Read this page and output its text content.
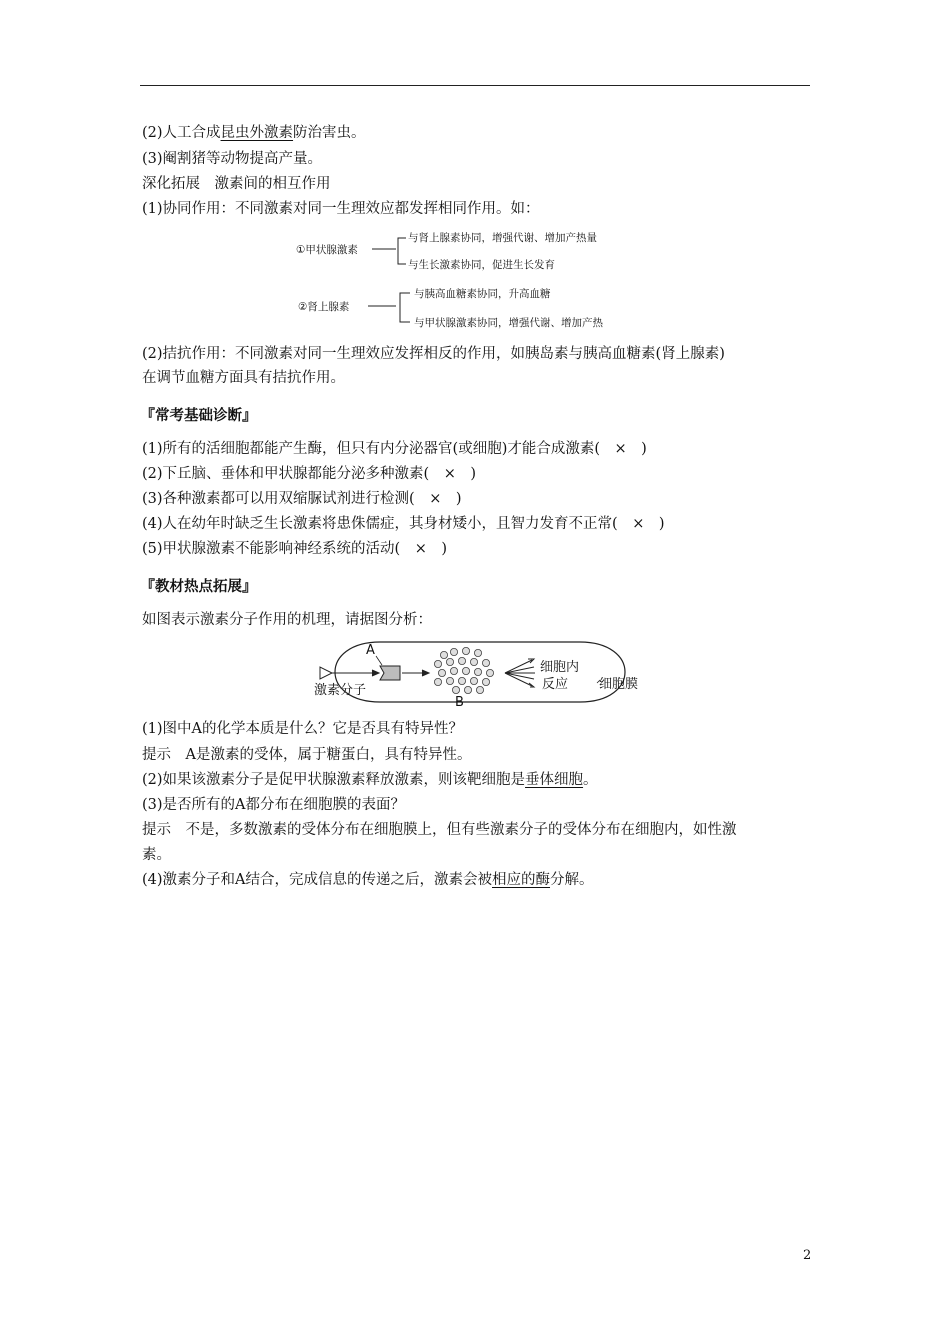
(2)人工合成昆虫外激素防治害虫。
(3)阉割猪等动物提高产量。
深化拓展　激素间的相互作用
(1)协同作用：不同激素对同一生理效应都发挥相同作用。如：
①甲状腺激素
与肾上腺素协同，增强代谢、增加产热量
与生长激素协同，促进生长发育
②肾上腺素
与胰高血糖素协同，升高血糖
与甲状腺激素协同，增强代谢、增加产热
(2)拮抗作用：不同激素对同一生理效应发挥相反的作用，如胰岛素与胰高血糖素(肾上腺素)
在调节血糖方面具有拮抗作用。
『常考基础诊断』
(1)所有的活细胞都能产生酶，但只有内分泌器官(或细胞)才能合成激素(　×　)
(2)下丘脑、垂体和甲状腺都能分泌多种激素(　×　)
(3)各种激素都可以用双缩脲试剂进行检测(　×　)
(4)人在幼年时缺乏生长激素将患侏儒症，其身材矮小，且智力发育不正常(　×　)
(5)甲状腺激素不能影响神经系统的活动(　×　)
『教材热点拓展』
如图表示激素分子作用的机理，请据图分析：
A
B
细胞内
反应 细胞膜
激素分子
(1)图中A的化学本质是什么？它是否具有特异性？
提示　A是激素的受体，属于糖蛋白，具有特异性。
(2)如果该激素分子是促甲状腺激素释放激素，则该靶细胞是垂体细胞。
(3)是否所有的A都分布在细胞膜的表面？
提示　不是，多数激素的受体分布在细胞膜上，但有些激素分子的受体分布在细胞内，如性激
素。
(4)激素分子和A结合，完成信息的传递之后，激素会被相应的酶分解。
2
